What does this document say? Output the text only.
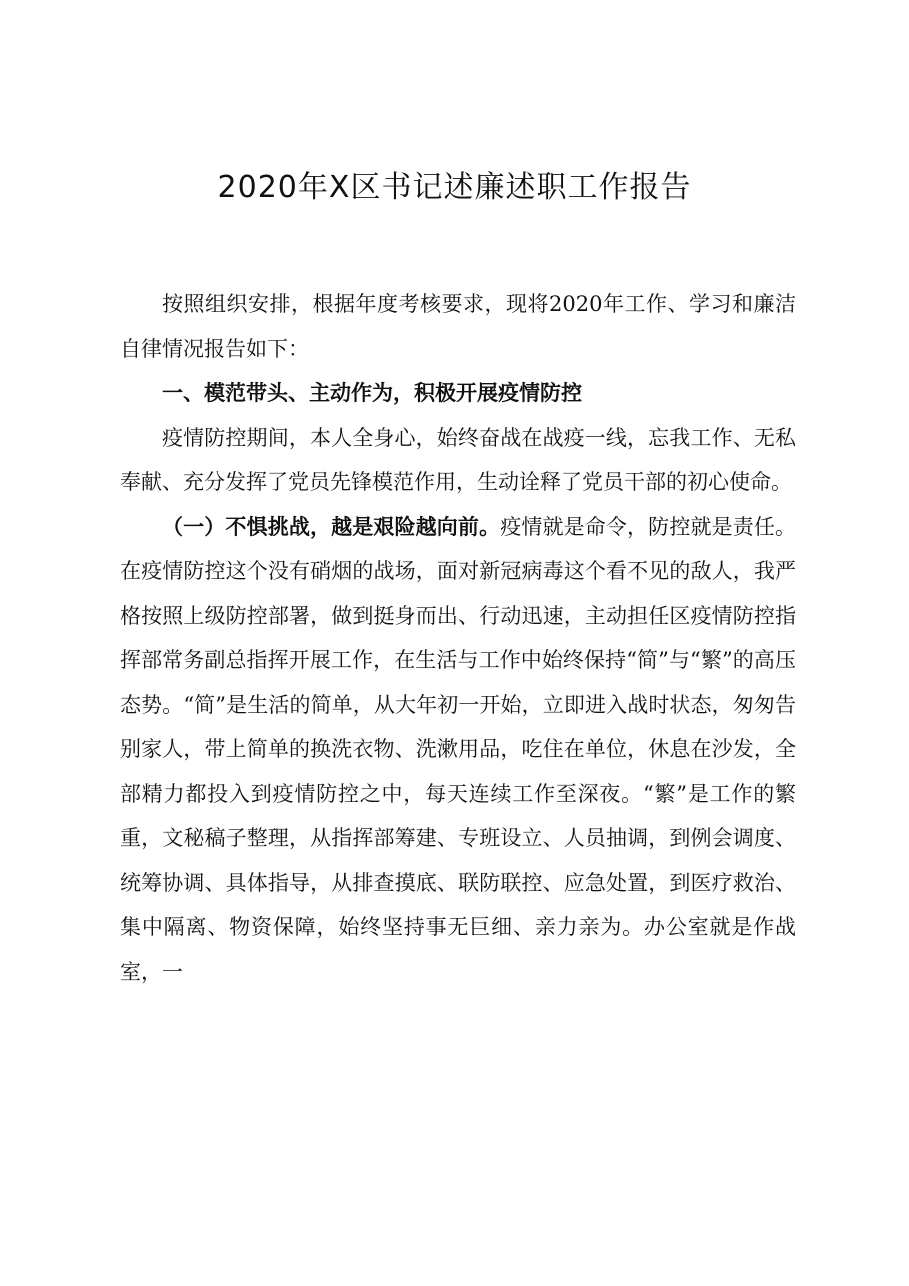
2020年X区书记述廉述职工作报告

按照组织安排，根据年度考核要求，现将2020年工作、学习和廉洁自律情况报告如下：

一、模范带头、主动作为，积极开展疫情防控

疫情防控期间，本人全身心，始终奋战在战疫一线，忘我工作、无私奉献、充分发挥了党员先锋模范作用，生动诠释了党员干部的初心使命。

（一）不惧挑战，越是艰险越向前。疫情就是命令，防控就是责任。在疫情防控这个没有硝烟的战场，面对新冠病毒这个看不见的敌人，我严格按照上级防控部署，做到挺身而出、行动迅速，主动担任区疫情防控指挥部常务副总指挥开展工作，在生活与工作中始终保持“简”与“繁”的高压态势。“简”是生活的简单，从大年初一开始，立即进入战时状态，匆匆告别家人，带上简单的换洗衣物、洗漱用品，吃住在单位，休息在沙发，全部精力都投入到疫情防控之中，每天连续工作至深夜。“繁”是工作的繁重，文秘稿子整理，从指挥部筹建、专班设立、人员抽调，到例会调度、统筹协调、具体指导，从排查摸底、联防联控、应急处置，到医疗救治、集中隔离、物资保障，始终坚持事无巨细、亲力亲为。办公室就是作战室，一
